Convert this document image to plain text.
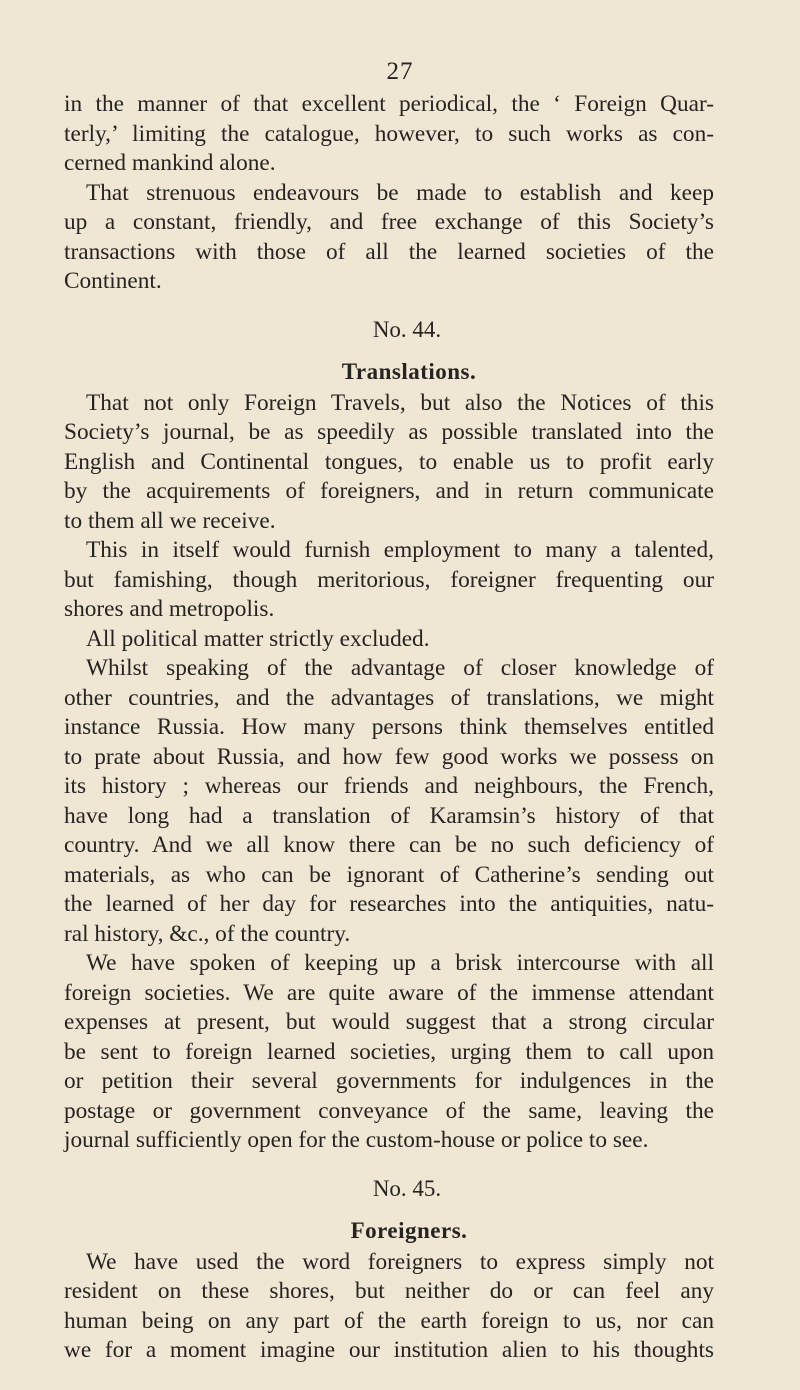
27
in the manner of that excellent periodical, the ‘ Foreign Quar-
terly,’ limiting the catalogue, however, to such works as con-
cerned mankind alone.
That strenuous endeavours be made to establish and keep
up a constant, friendly, and free exchange of this Society’s
transactions with those of all the learned societies of the
Continent.
No. 44.
Translations.
That not only Foreign Travels, but also the Notices of this
Society’s journal, be as speedily as possible translated into the
English and Continental tongues, to enable us to profit early
by the acquirements of foreigners, and in return communicate
to them all we receive.
This in itself would furnish employment to many a talented,
but famishing, though meritorious, foreigner frequenting our
shores and metropolis.
All political matter strictly excluded.
Whilst speaking of the advantage of closer knowledge of
other countries, and the advantages of translations, we might
instance Russia. How many persons think themselves entitled
to prate about Russia, and how few good works we possess on
its history ; whereas our friends and neighbours, the French,
have long had a translation of Karamsin’s history of that
country. And we all know there can be no such deficiency of
materials, as who can be ignorant of Catherine’s sending out
the learned of her day for researches into the antiquities, natu-
ral history, &c., of the country.
We have spoken of keeping up a brisk intercourse with all
foreign societies. We are quite aware of the immense attendant
expenses at present, but would suggest that a strong circular
be sent to foreign learned societies, urging them to call upon
or petition their several governments for indulgences in the
postage or government conveyance of the same, leaving the
journal sufficiently open for the custom-house or police to see.
No. 45.
Foreigners.
We have used the word foreigners to express simply not
resident on these shores, but neither do or can feel any
human being on any part of the earth foreign to us, nor can
we for a moment imagine our institution alien to his thoughts
